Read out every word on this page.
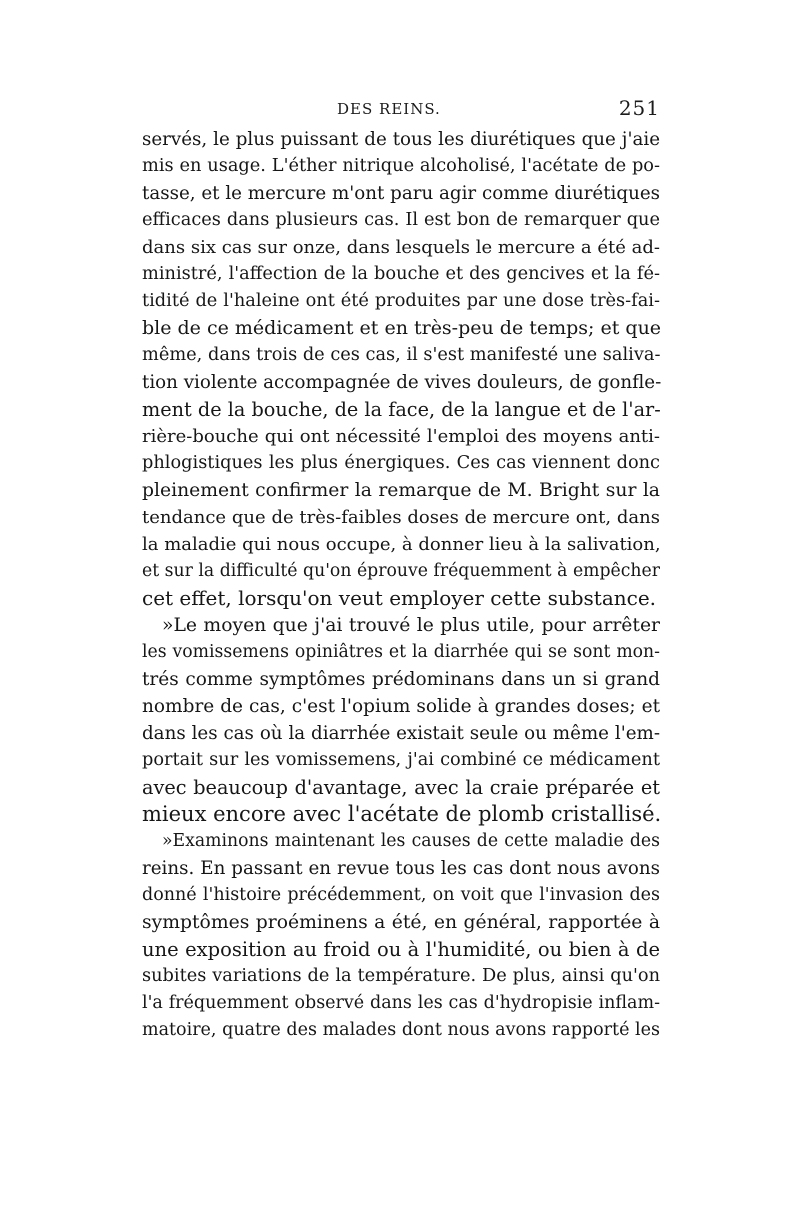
DES REINS.	251
servés, le plus puissant de tous les diurétiques que j'aie
mis en usage. L'éther nitrique alcoholisé, l'acétate de po-
tasse, et le mercure m'ont paru agir comme diurétiques
efficaces dans plusieurs cas. Il est bon de remarquer que
dans six cas sur onze, dans lesquels le mercure a été ad-
ministré, l'affection de la bouche et des gencives et la fé-
tidité de l'haleine ont été produites par une dose très-fai-
ble de ce médicament et en très-peu de temps; et que
même, dans trois de ces cas, il s'est manifesté une saliva-
tion violente accompagnée de vives douleurs, de gonfle-
ment de la bouche, de la face, de la langue et de l'ar-
rière-bouche qui ont nécessité l'emploi des moyens anti-
phlogistiques les plus énergiques. Ces cas viennent donc
pleinement confirmer la remarque de M. Bright sur la
tendance que de très-faibles doses de mercure ont, dans
la maladie qui nous occupe, à donner lieu à la salivation,
et sur la difficulté qu'on éprouve fréquemment à empêcher
cet effet, lorsqu'on veut employer cette substance.
»Le moyen que j'ai trouvé le plus utile, pour arrêter
les vomissemens opiniâtres et la diarrhée qui se sont mon-
trés comme symptômes prédominans dans un si grand
nombre de cas, c'est l'opium solide à grandes doses; et
dans les cas où la diarrhée existait seule ou même l'em-
portait sur les vomissemens, j'ai combiné ce médicament
avec beaucoup d'avantage, avec la craie préparée et
mieux encore avec l'acétate de plomb cristallisé.
»Examinons maintenant les causes de cette maladie des
reins. En passant en revue tous les cas dont nous avons
donné l'histoire précédemment, on voit que l'invasion des
symptômes proéminens a été, en général, rapportée à
une exposition au froid ou à l'humidité, ou bien à de
subites variations de la température. De plus, ainsi qu'on
l'a fréquemment observé dans les cas d'hydropisie inflam-
matoire, quatre des malades dont nous avons rapporté les
